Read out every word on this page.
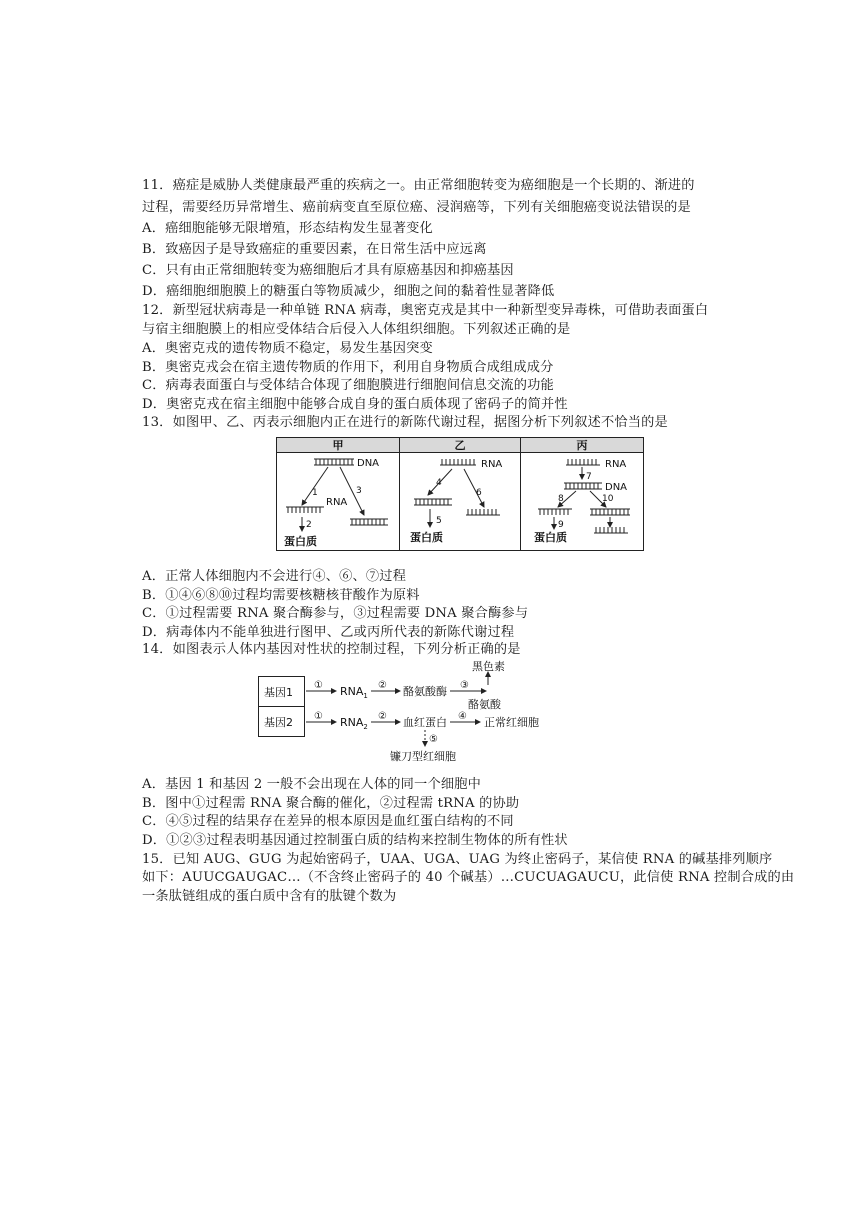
11．癌症是威胁人类健康最严重的疾病之一。由正常细胞转变为癌细胞是一个长期的、渐进的
过程，需要经历异常增生、癌前病变直至原位癌、浸润癌等，下列有关细胞癌变说法错误的是
A．癌细胞能够无限增殖，形态结构发生显著变化
B．致癌因子是导致癌症的重要因素，在日常生活中应远离
C．只有由正常细胞转变为癌细胞后才具有原癌基因和抑癌基因
D．癌细胞细胞膜上的糖蛋白等物质减少，细胞之间的黏着性显著降低
12．新型冠状病毒是一种单链 RNA 病毒，奥密克戎是其中一种新型变异毒株，可借助表面蛋白
与宿主细胞膜上的相应受体结合后侵入人体组织细胞。下列叙述正确的是
A．奥密克戎的遗传物质不稳定，易发生基因突变
B．奥密克戎会在宿主遗传物质的作用下，利用自身物质合成组成成分
C．病毒表面蛋白与受体结合体现了细胞膜进行细胞间信息交流的功能
D．奥密克戎在宿主细胞中能够合成自身的蛋白质体现了密码子的简并性
13．如图甲、乙、丙表示细胞内正在进行的新陈代谢过程，据图分析下列叙述不恰当的是
甲	乙	丙
DNA
1
RNA
3
2
蛋白质
RNA
4
6
5
蛋白质
RNA
DNA
7
8	10
9
蛋白质
A．正常人体细胞内不会进行④、⑥、⑦过程
B．①④⑥⑧⑩过程均需要核糖核苷酸作为原料
C．①过程需要 RNA 聚合酶参与，③过程需要 DNA 聚合酶参与
D．病毒体内不能单独进行图甲、乙或丙所代表的新陈代谢过程
14．如图表示人体内基因对性状的控制过程，下列分析正确的是
基因1
基因2
①
①
②
②
③
④
⑤
$RNA_1$
$RNA_2$
酪氨酸酶
黑色素
酪氨酸
血红蛋白	正常红细胞
镰刀型红细胞
A．基因 1 和基因 2 一般不会出现在人体的同一个细胞中
B．图中①过程需 RNA 聚合酶的催化，②过程需 tRNA 的协助
C．④⑤过程的结果存在差异的根本原因是血红蛋白结构的不同
D．①②③过程表明基因通过控制蛋白质的结构来控制生物体的所有性状
15．已知 AUG、GUG 为起始密码子，UAA、UGA、UAG 为终止密码子，某信使 RNA 的碱基排列顺序
如下：AUUCGAUGAC…（不含终止密码子的 40 个碱基）…CUCUAGAUCU，此信使 RNA 控制合成的由
一条肽链组成的蛋白质中含有的肽键个数为
